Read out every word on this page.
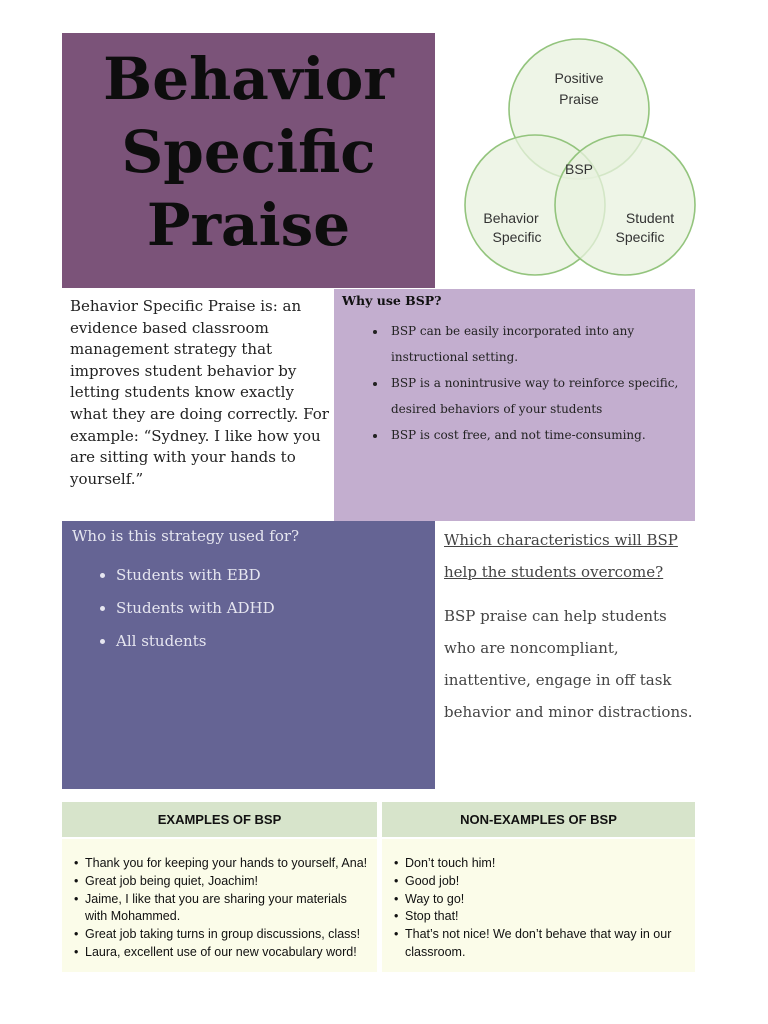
Behavior
Specific
Praise
Positive
Praise
Behavior
Specific
Student
Specific
BSP
Behavior Specific Praise is: an evidence based classroom management strategy that improves student behavior by letting students know exactly what they are doing correctly. For example: “Sydney. I like how you are sitting with your hands to yourself.”

Why use BSP?

• BSP can be easily incorporated into any instructional setting.
• BSP is a nonintrusive way to reinforce specific, desired behaviors of your students
• BSP is cost free, and not time-consuming.

Who is this strategy used for?

• Students with EBD
• Students with ADHD
• All students

Which characteristics will BSP help the students overcome?

BSP praise can help students who are noncompliant, inattentive, engage in off task behavior and minor distractions.

EXAMPLES OF BSP	NON-EXAMPLES OF BSP
• Thank you for keeping your hands to yourself, Ana!
• Great job being quiet, Joachim!
• Jaime, I like that you are sharing your materials with Mohammed.
• Great job taking turns in group discussions, class!
• Laura, excellent use of our new vocabulary word!
• Don’t touch him!
• Good job!
• Way to go!
• Stop that!
• That’s not nice! We don’t behave that way in our classroom.
